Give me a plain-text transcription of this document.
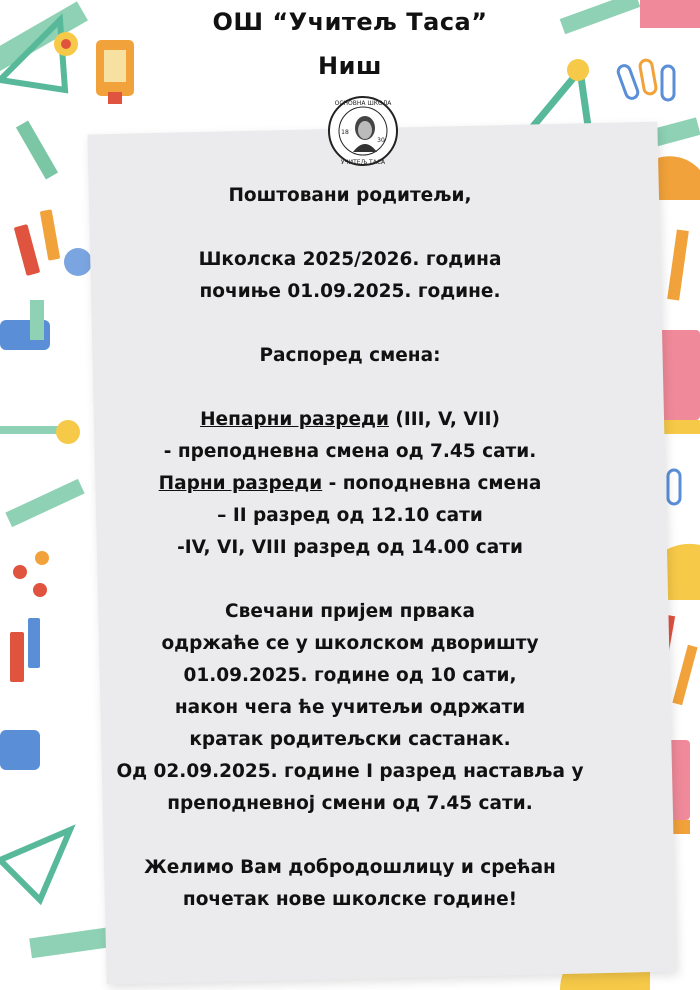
ОШ “Учитељ Таса”
Ниш
ОСНОВНА ШКОЛА
УЧИТЕЉ ТАСА
18
30
Поштовани родитељи,
Школска 2025/2026. година
почиње 01.09.2025. године.
Распоред смена:
Непарни разреди (III, V, VII)
- преподневна смена од 7.45 сати.
Парни разреди - поподневна смена
– II разред од 12.10 сати
-IV, VI, VIII разред од 14.00 сати
Свечани пријем првака
одржаће се у школском дворишту
01.09.2025. године од 10 сати,
након чега ће учитељи одржати
кратак родитељски састанак.
Од 02.09.2025. године I разред наставља у
преподневној смени од 7.45 сати.
Желимо Вам добродошлицу и срећан
почетак нове школске године!
